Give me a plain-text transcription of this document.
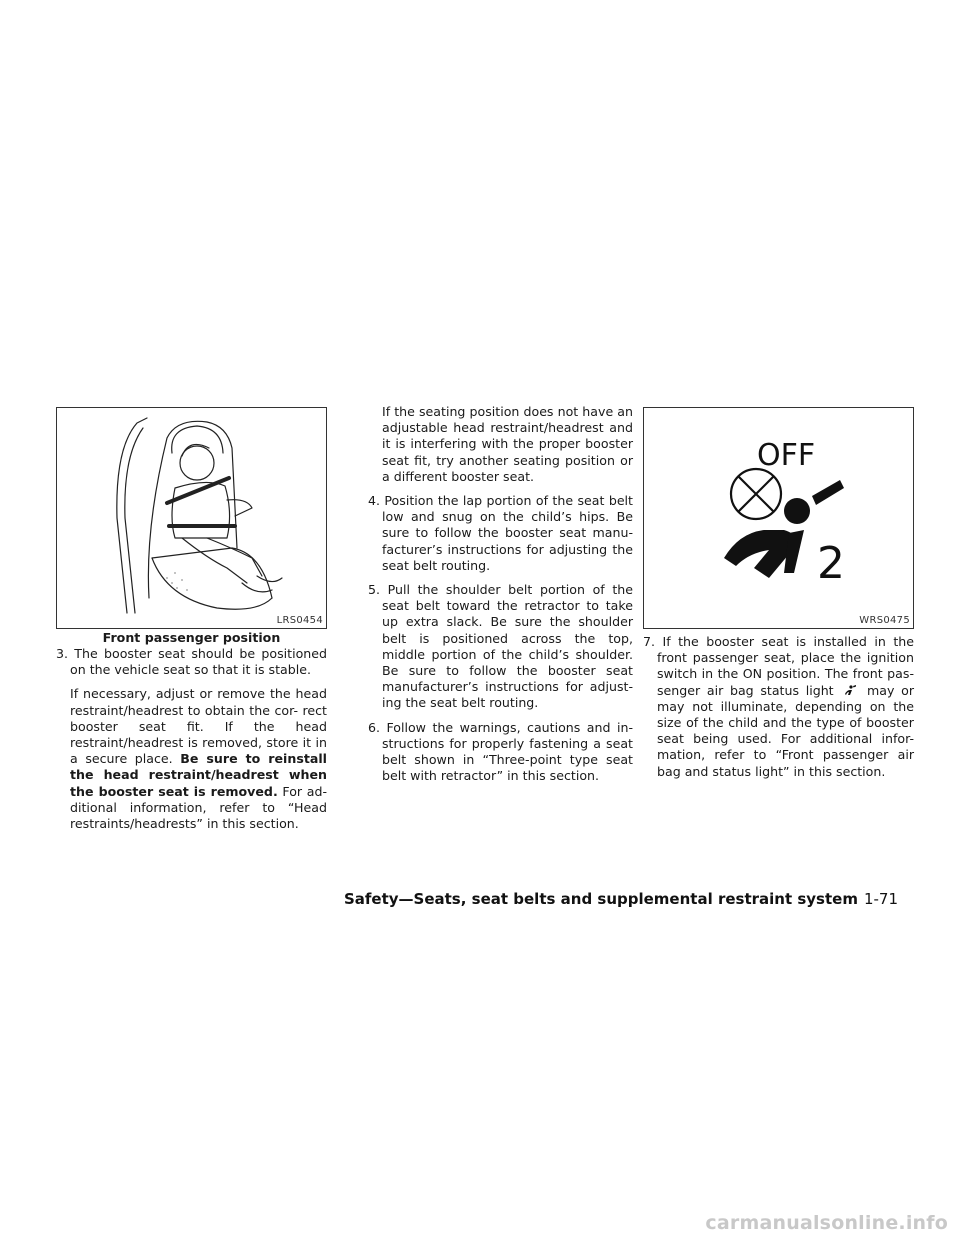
LRS0454
Front passenger position

3. The booster seat should be positioned on the vehicle seat so that it is stable.

If necessary, adjust or remove the head restraint/headrest to obtain the cor- rect booster seat fit. If the head restraint/headrest is removed, store it in a secure place. Be sure to reinstall the head restraint/headrest when the booster seat is removed. For ad- ditional information, refer to “Head restraints/headrests” in this section.

If the seating position does not have an adjustable head restraint/headrest and it is interfering with the proper booster seat fit, try another seating position or a different booster seat.

4. Position the lap portion of the seat belt low and snug on the child’s hips. Be sure to follow the booster seat manu- facturer’s instructions for adjusting the seat belt routing.

5. Pull the shoulder belt portion of the seat belt toward the retractor to take up extra slack. Be sure the shoulder belt is positioned across the top, middle portion of the child’s shoulder. Be sure to follow the booster seat manufacturer’s instructions for adjust- ing the seat belt routing.

6. Follow the warnings, cautions and in- structions for properly fastening a seat belt shown in “Three-point type seat belt with retractor” in this section.

OFF
2
WRS0475

7. If the booster seat is installed in the front passenger seat, place the ignition switch in the ON position. The front pas- senger air bag status light	may or may not illuminate, depending on the size of the child and the type of booster seat being used. For additional infor- mation, refer to “Front passenger air bag and status light” in this section.

Safety—Seats, seat belts and supplemental restraint system 1-71
carmanualsonline.info
